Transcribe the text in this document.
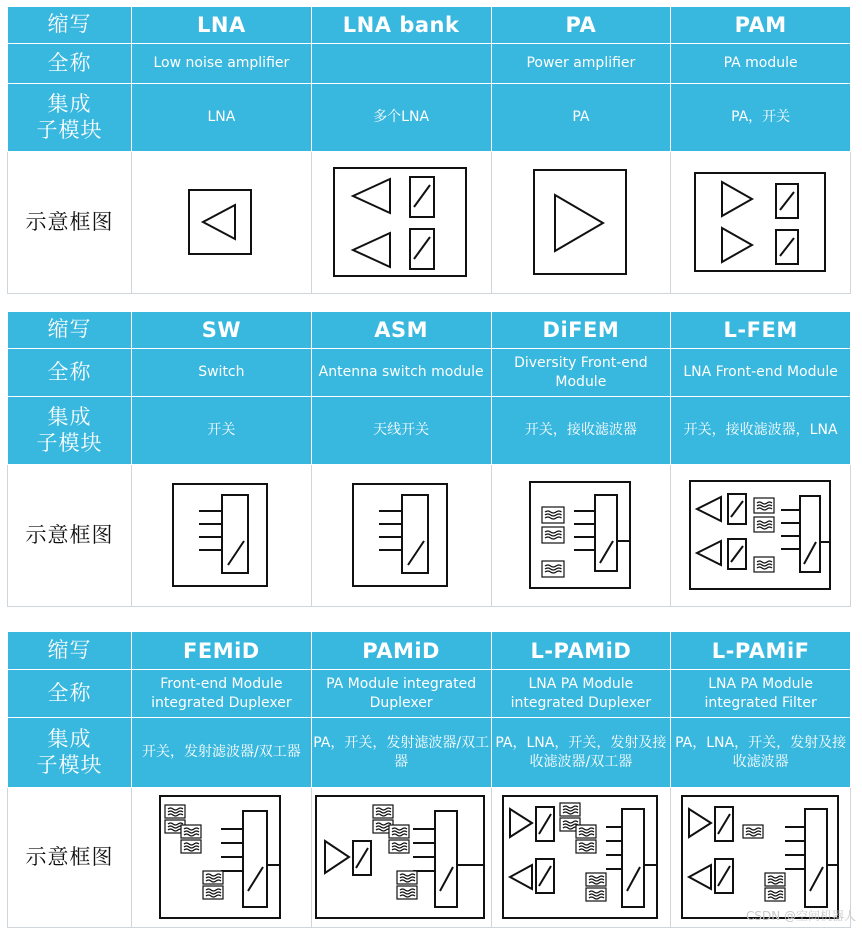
缩写	LNA	LNA bank	PA	PAM
全称	Low noise amplifier		Power amplifier	PA module
集成
子模块	LNA	多个LNA	PA	PA，开关
示意框图	

缩写	SW	ASM	DiFEM	L-FEM
全称	Switch	Antenna switch module	Diversity Front-end Module	LNA Front-end Module
集成
子模块	开关	天线开关	开关，接收滤波器	开关，接收滤波器，LNA
示意框图	

缩写	FEMiD	PAMiD	L-PAMiD	L-PAMiF
全称	Front-end Module integrated Duplexer	PA Module integrated Duplexer	LNA PA Module integrated Duplexer	LNA PA Module integrated Filter
集成
子模块	开关，发射滤波器/双工器	PA，开关，发射滤波器/双工器	PA，LNA，开关，发射及接收滤波器/双工器	PA，LNA，开关，发射及接收滤波器
示意框图	

CSDN @空间机器人
